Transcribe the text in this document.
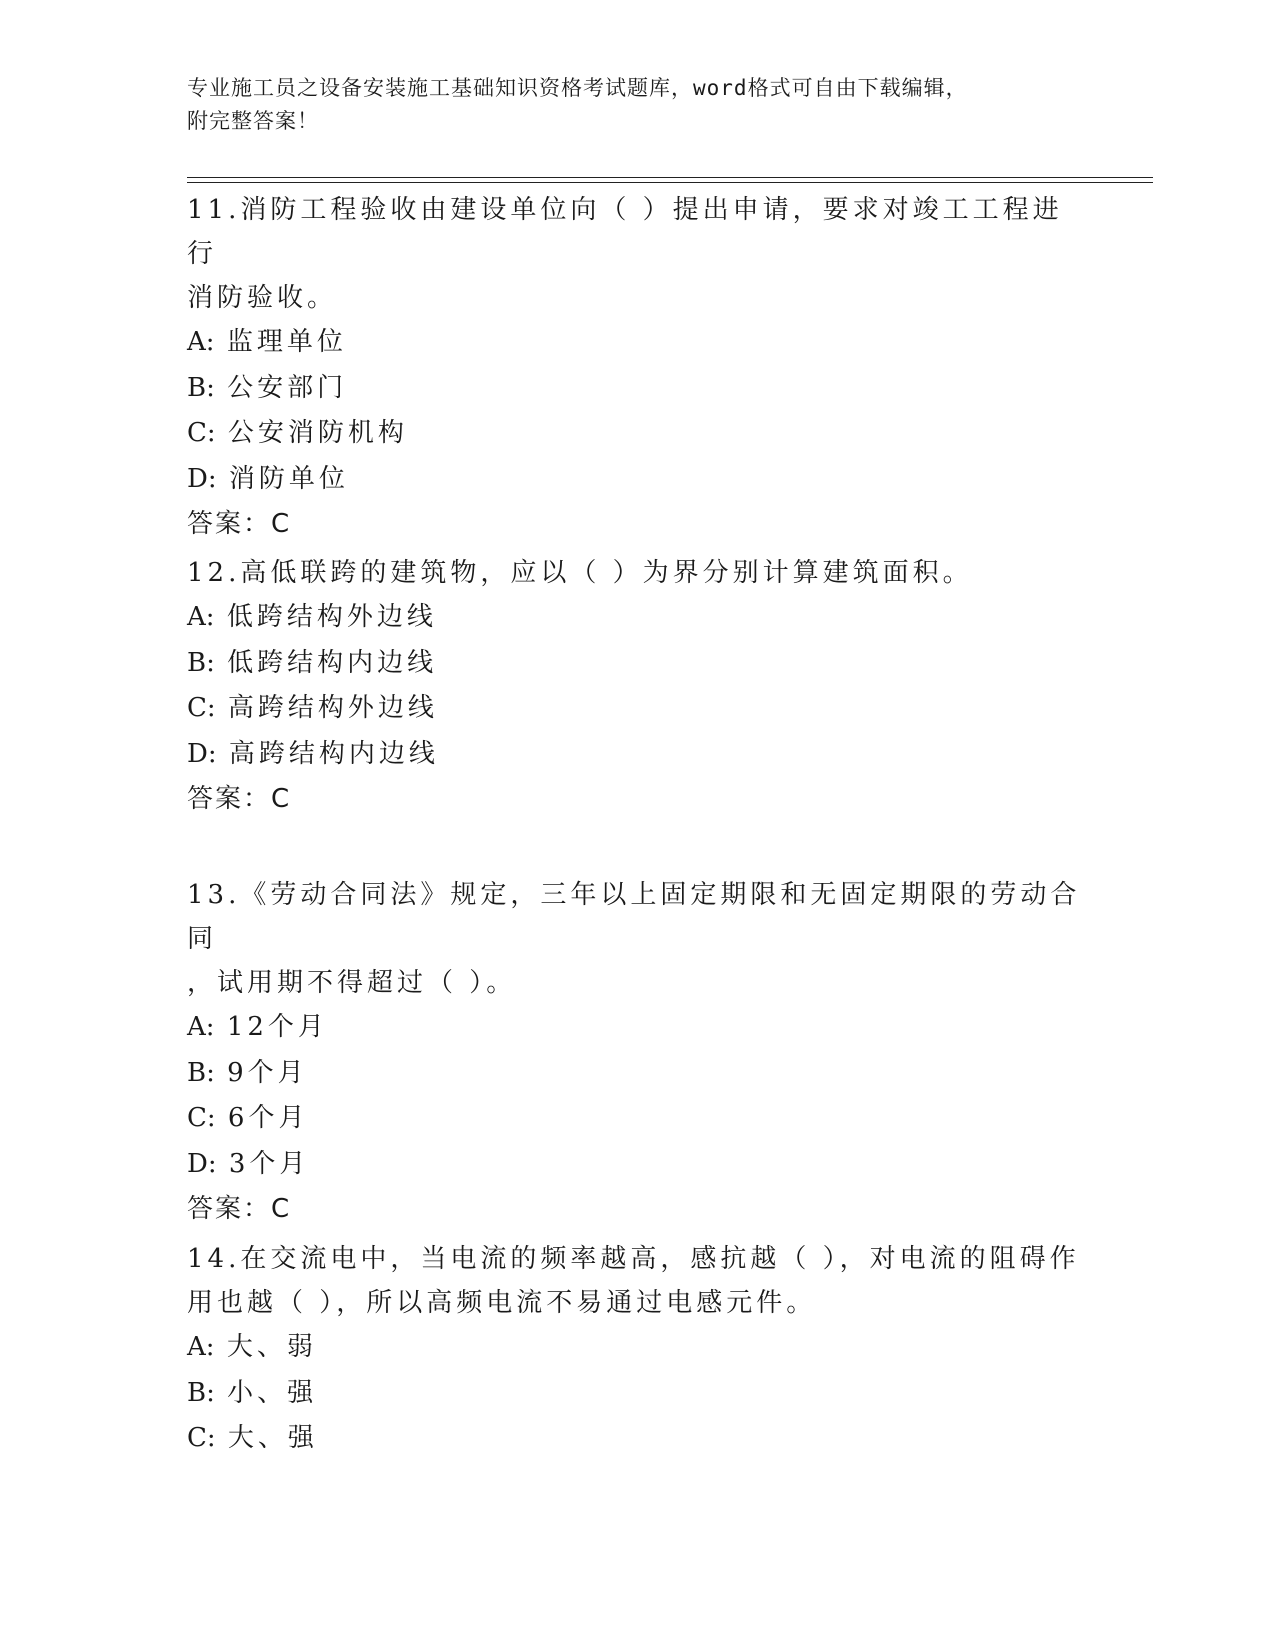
专业施工员之设备安装施工基础知识资格考试题库，word格式可自由下载编辑，
附完整答案！
11.消防工程验收由建设单位向（ ）提出申请，要求对竣工工程进行
消防验收。
A: 监理单位
B: 公安部门
C: 公安消防机构
D: 消防单位
答案：C
12.高低联跨的建筑物，应以（ ）为界分别计算建筑面积。
A: 低跨结构外边线
B: 低跨结构内边线
C: 高跨结构外边线
D: 高跨结构内边线
答案：C
13.《劳动合同法》规定，三年以上固定期限和无固定期限的劳动合同
，试用期不得超过（ ）。
A: 12个月
B: 9个月
C: 6个月
D: 3个月
答案：C
14.在交流电中，当电流的频率越高，感抗越（ ），对电流的阻碍作
用也越（ ），所以高频电流不易通过电感元件。
A: 大、弱
B: 小、强
C: 大、强
